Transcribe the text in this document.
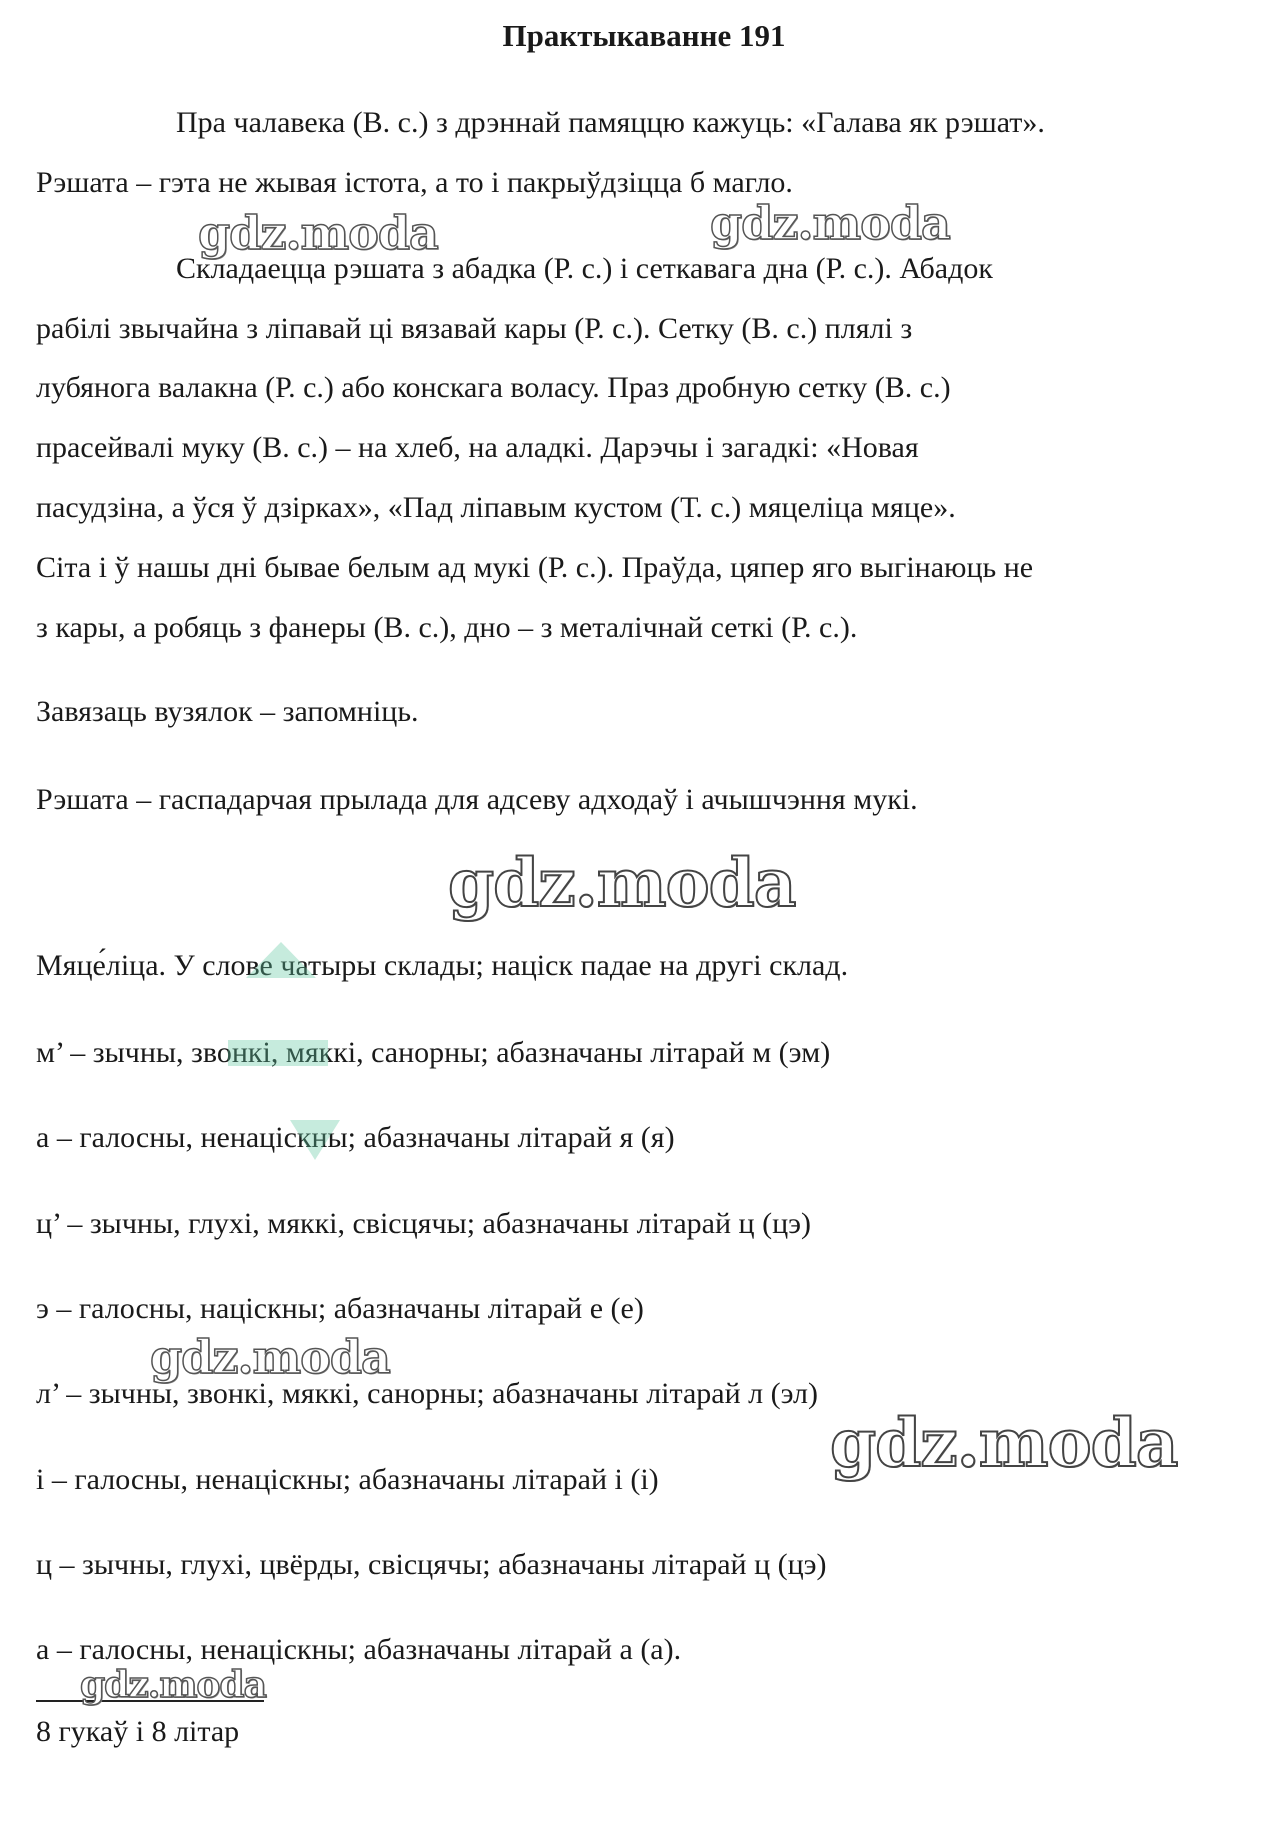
Практыкаванне 191
Пра чалавека (В. с.) з дрэннай памяццю кажуць: «Галава як рэшат».
Рэшата – гэта не жывая істота, а то і пакрыўдзіцца б магло.
Складаецца рэшата з абадка (Р. с.) і сеткавага дна (Р. с.). Абадок
рабілі звычайна з ліпавай ці вязавай кары (Р. с.). Сетку (В. с.) плялі з
лубянога валакна (Р. с.) або конскага воласу. Праз дробную сетку (В. с.)
прасейвалі муку (В. с.) – на хлеб, на аладкі. Дарэчы і загадкі: «Новая
пасудзіна, а ўся ў дзірках», «Пад ліпавым кустом (Т. с.) мяцеліца мяце».
Сіта і ў нашы дні бывае белым ад мукі (Р. с.). Праўда, цяпер яго выгінаюць не
з кары, а робяць з фанеры (В. с.), дно – з металічнай сеткі (Р. с.).
Завязаць вузялок – запомніць.
Рэшата – гаспадарчая прылада для адсеву адходаў і ачышчэння мукі.
Мяце́ліца. У слове чатыры склады; націск падае на другі склад.
м’ – зычны, звонкі, мяккі, санорны; абазначаны літарай м (эм)
а – галосны, ненаціскны; абазначаны літарай я (я)
ц’ – зычны, глухі, мяккі, свісцячы; абазначаны літарай ц (цэ)
э – галосны, націскны; абазначаны літарай е (е)
л’ – зычны, звонкі, мяккі, санорны; абазначаны літарай л (эл)
і – галосны, ненаціскны; абазначаны літарай і (і)
ц – зычны, глухі, цвёрды, свісцячы; абазначаны літарай ц (цэ)
а – галосны, ненаціскны; абазначаны літарай а (а).
8 гукаў і 8 літар
gdz.moda	gdz.moda
gdz.moda
gdz.moda
gdz.moda
gdz.moda
